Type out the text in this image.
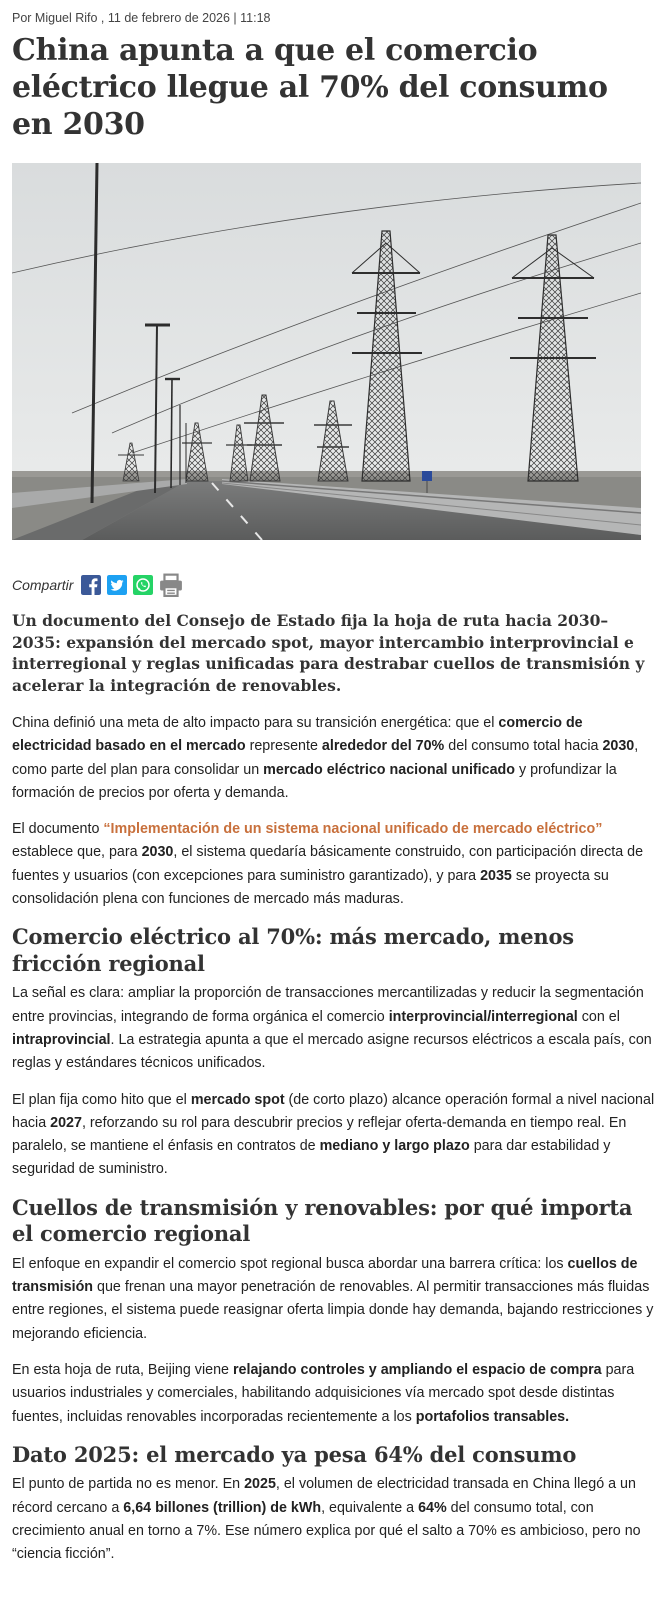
Por Miguel Rifo , 11 de febrero de 2026 | 11:18
China apunta a que el comercio eléctrico llegue al 70% del consumo en 2030
Compartir

Un documento del Consejo de Estado fija la hoja de ruta hacia 2030–2035: expansión del mercado spot, mayor intercambio interprovincial e interregional y reglas unificadas para destrabar cuellos de transmisión y acelerar la integración de renovables.

China definió una meta de alto impacto para su transición energética: que el comercio de electricidad basado en el mercado represente alrededor del 70% del consumo total hacia 2030, como parte del plan para consolidar un mercado eléctrico nacional unificado y profundizar la formación de precios por oferta y demanda.

El documento “Implementación de un sistema nacional unificado de mercado eléctrico” establece que, para 2030, el sistema quedaría básicamente construido, con participación directa de fuentes y usuarios (con excepciones para suministro garantizado), y para 2035 se proyecta su consolidación plena con funciones de mercado más maduras.

Comercio eléctrico al 70%: más mercado, menos fricción regional

La señal es clara: ampliar la proporción de transacciones mercantilizadas y reducir la segmentación entre provincias, integrando de forma orgánica el comercio interprovincial/interregional con el intraprovincial. La estrategia apunta a que el mercado asigne recursos eléctricos a escala país, con reglas y estándares técnicos unificados.

El plan fija como hito que el mercado spot (de corto plazo) alcance operación formal a nivel nacional hacia 2027, reforzando su rol para descubrir precios y reflejar oferta-demanda en tiempo real. En paralelo, se mantiene el énfasis en contratos de mediano y largo plazo para dar estabilidad y seguridad de suministro.

Cuellos de transmisión y renovables: por qué importa el comercio regional

El enfoque en expandir el comercio spot regional busca abordar una barrera crítica: los cuellos de transmisión que frenan una mayor penetración de renovables. Al permitir transacciones más fluidas entre regiones, el sistema puede reasignar oferta limpia donde hay demanda, bajando restricciones y mejorando eficiencia.

En esta hoja de ruta, Beijing viene relajando controles y ampliando el espacio de compra para usuarios industriales y comerciales, habilitando adquisiciones vía mercado spot desde distintas fuentes, incluidas renovables incorporadas recientemente a los portafolios transables.

Dato 2025: el mercado ya pesa 64% del consumo

El punto de partida no es menor. En 2025, el volumen de electricidad transada en China llegó a un récord cercano a 6,64 billones (trillion) de kWh, equivalente a 64% del consumo total, con crecimiento anual en torno a 7%. Ese número explica por qué el salto a 70% es ambicioso, pero no “ciencia ficción”.
